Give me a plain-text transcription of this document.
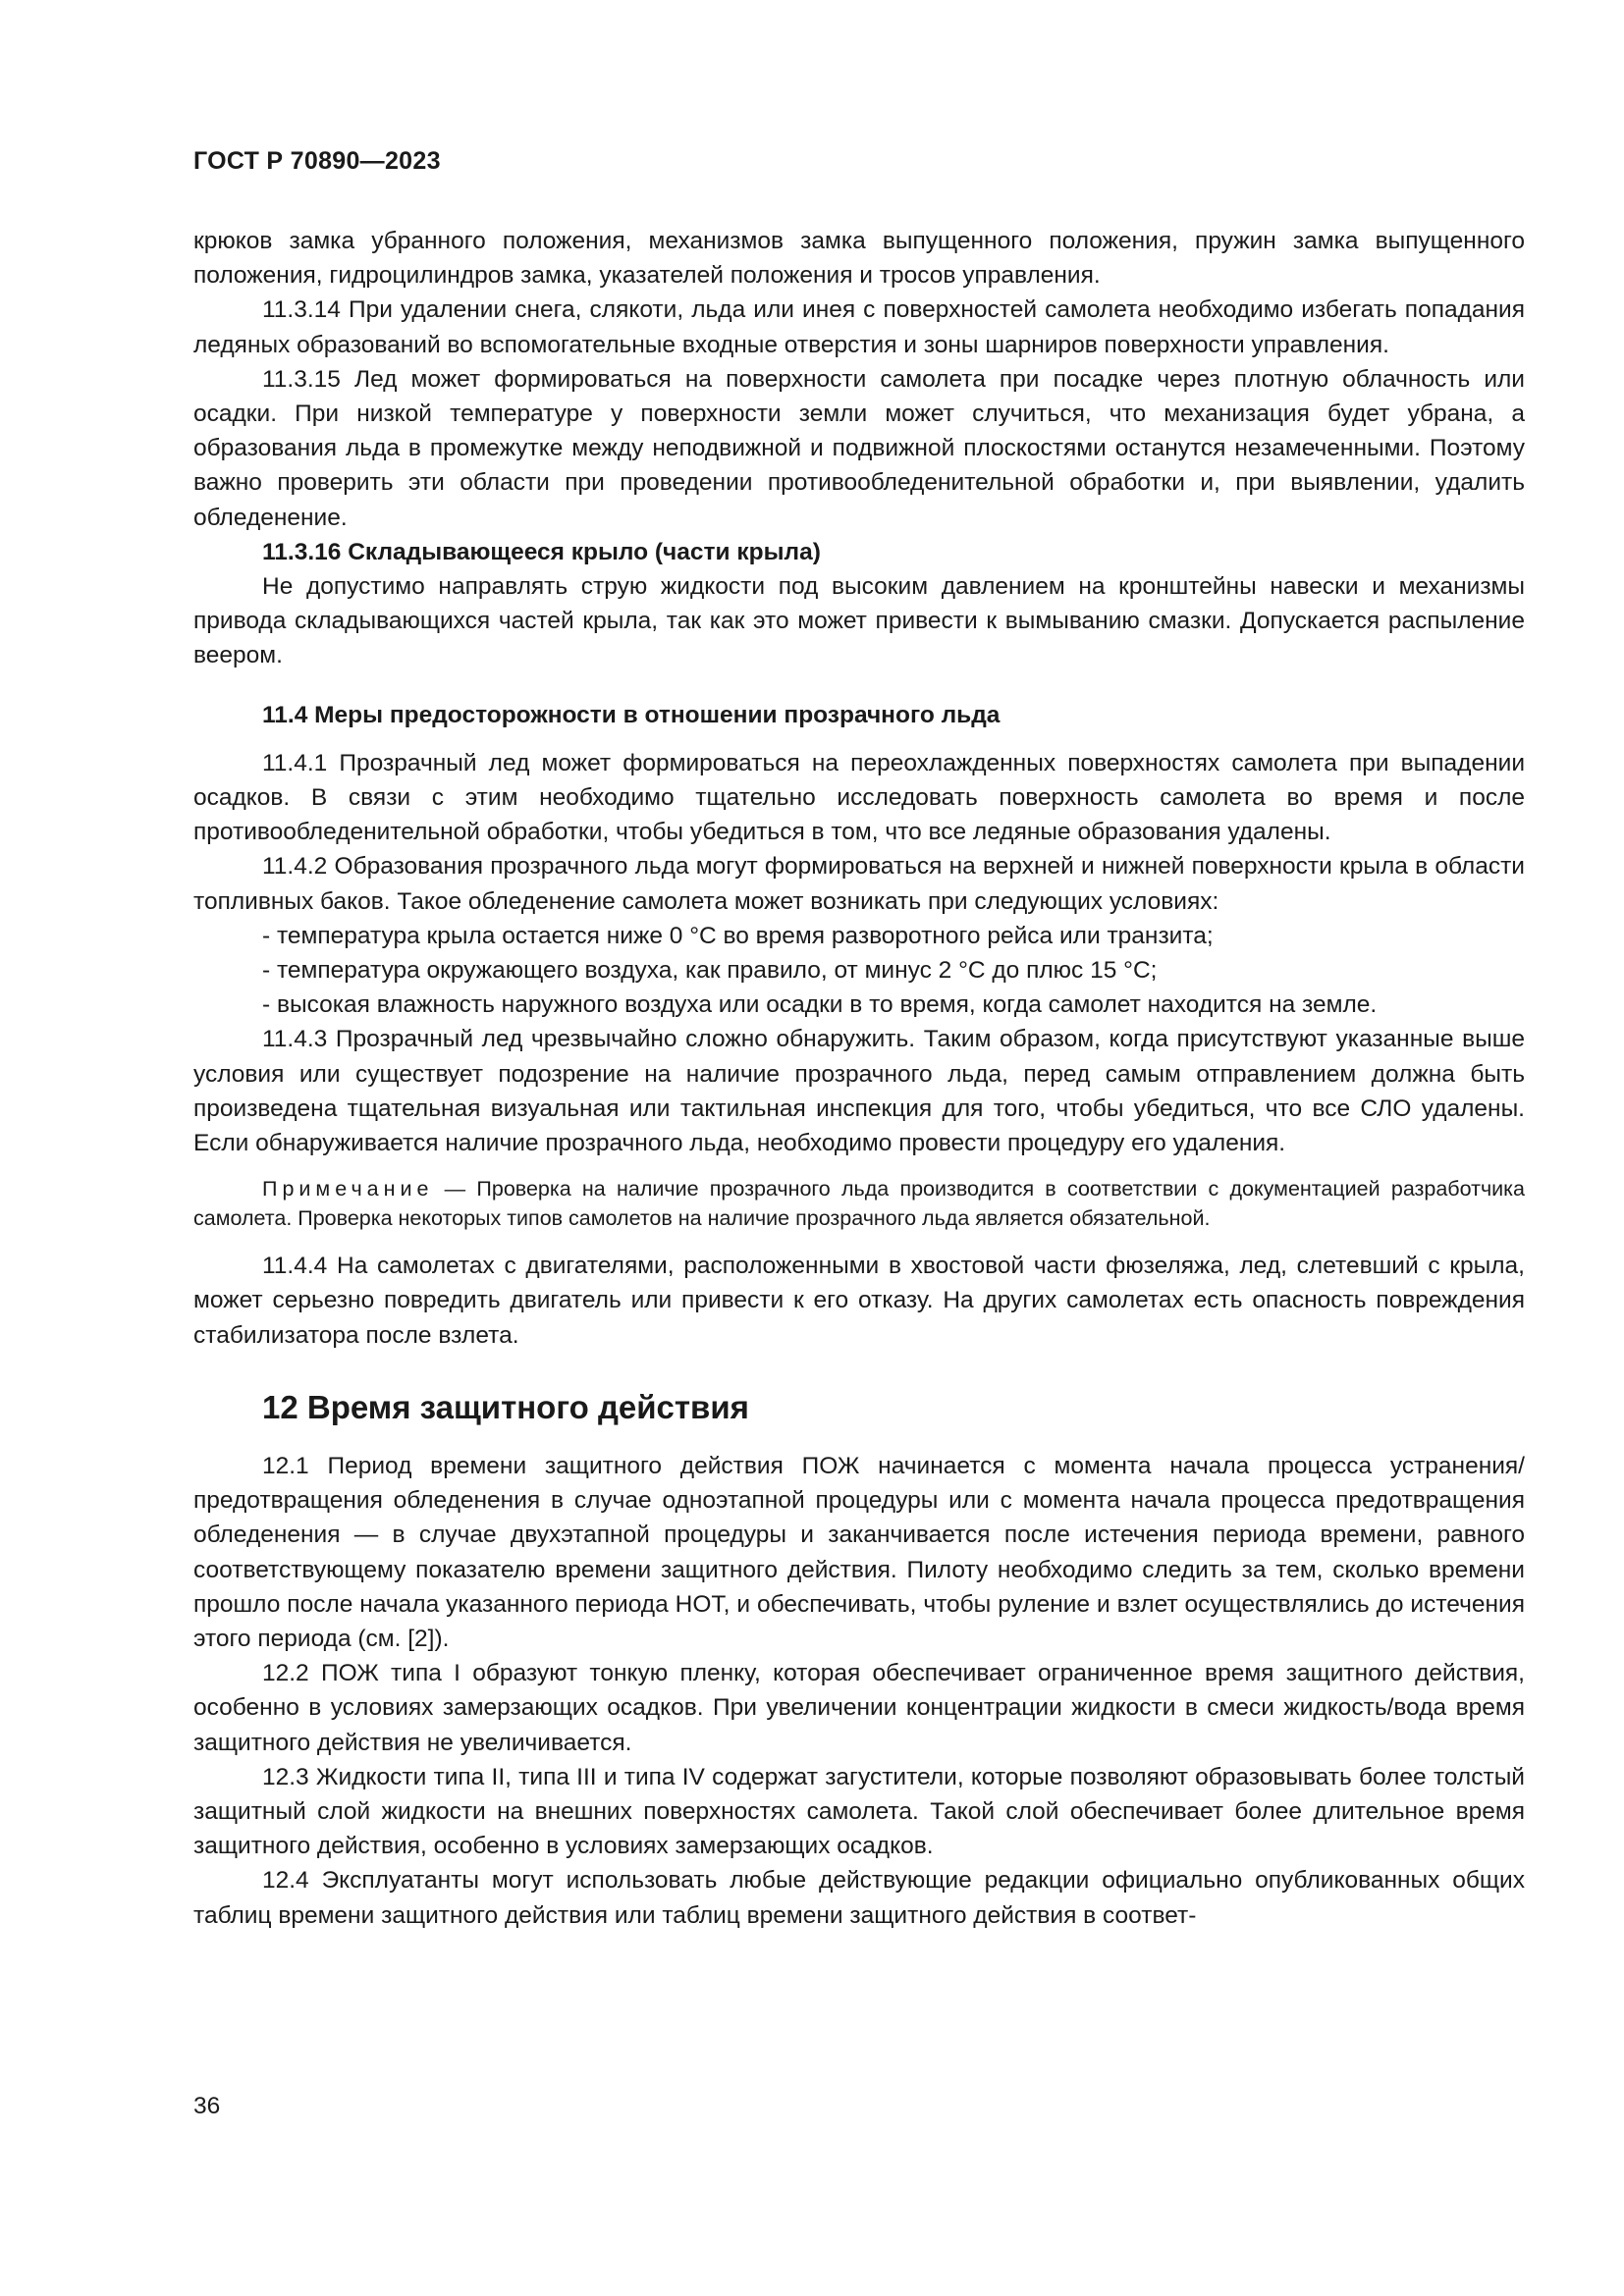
ГОСТ Р 70890—2023

крюков замка убранного положения, механизмов замка выпущенного положения, пружин замка выпущенного положения, гидроцилиндров замка, указателей положения и тросов управления.

11.3.14 При удалении снега, слякоти, льда или инея с поверхностей самолета необходимо избегать попадания ледяных образований во вспомогательные входные отверстия и зоны шарниров поверхности управления.

11.3.15 Лед может формироваться на поверхности самолета при посадке через плотную облачность или осадки. При низкой температуре у поверхности земли может случиться, что механизация будет убрана, а образования льда в промежутке между неподвижной и подвижной плоскостями останутся незамеченными. Поэтому важно проверить эти области при проведении противообледенительной обработки и, при выявлении, удалить обледенение.

11.3.16 Складывающееся крыло (части крыла)

Не допустимо направлять струю жидкости под высоким давлением на кронштейны навески и механизмы привода складывающихся частей крыла, так как это может привести к вымыванию смазки. Допускается распыление веером.

11.4 Меры предосторожности в отношении прозрачного льда

11.4.1 Прозрачный лед может формироваться на переохлажденных поверхностях самолета при выпадении осадков. В связи с этим необходимо тщательно исследовать поверхность самолета во время и после противообледенительной обработки, чтобы убедиться в том, что все ледяные образования удалены.

11.4.2 Образования прозрачного льда могут формироваться на верхней и нижней поверхности крыла в области топливных баков. Такое обледенение самолета может возникать при следующих условиях:

- температура крыла остается ниже 0 °С во время разворотного рейса или транзита;

- температура окружающего воздуха, как правило, от минус 2 °С до плюс 15 °С;

- высокая влажность наружного воздуха или осадки в то время, когда самолет находится на земле.

11.4.3 Прозрачный лед чрезвычайно сложно обнаружить. Таким образом, когда присутствуют указанные выше условия или существует подозрение на наличие прозрачного льда, перед самым отправлением должна быть произведена тщательная визуальная или тактильная инспекция для того, чтобы убедиться, что все СЛО удалены. Если обнаруживается наличие прозрачного льда, необходимо провести процедуру его удаления.

Примечание — Проверка на наличие прозрачного льда производится в соответствии с документацией разработчика самолета. Проверка некоторых типов самолетов на наличие прозрачного льда является обязательной.

11.4.4 На самолетах с двигателями, расположенными в хвостовой части фюзеляжа, лед, слетевший с крыла, может серьезно повредить двигатель или привести к его отказу. На других самолетах есть опасность повреждения стабилизатора после взлета.

12 Время защитного действия

12.1 Период времени защитного действия ПОЖ начинается с момента начала процесса устранения/предотвращения обледенения в случае одноэтапной процедуры или с момента начала процесса предотвращения обледенения — в случае двухэтапной процедуры и заканчивается после истечения периода времени, равного соответствующему показателю времени защитного действия. Пилоту необходимо следить за тем, сколько времени прошло после начала указанного периода НОТ, и обеспечивать, чтобы руление и взлет осуществлялись до истечения этого периода (см. [2]).

12.2 ПОЖ типа I образуют тонкую пленку, которая обеспечивает ограниченное время защитного действия, особенно в условиях замерзающих осадков. При увеличении концентрации жидкости в смеси жидкость/вода время защитного действия не увеличивается.

12.3 Жидкости типа II, типа III и типа IV содержат загустители, которые позволяют образовывать более толстый защитный слой жидкости на внешних поверхностях самолета. Такой слой обеспечивает более длительное время защитного действия, особенно в условиях замерзающих осадков.

12.4 Эксплуатанты могут использовать любые действующие редакции официально опубликованных общих таблиц времени защитного действия или таблиц времени защитного действия в соответ-

36
